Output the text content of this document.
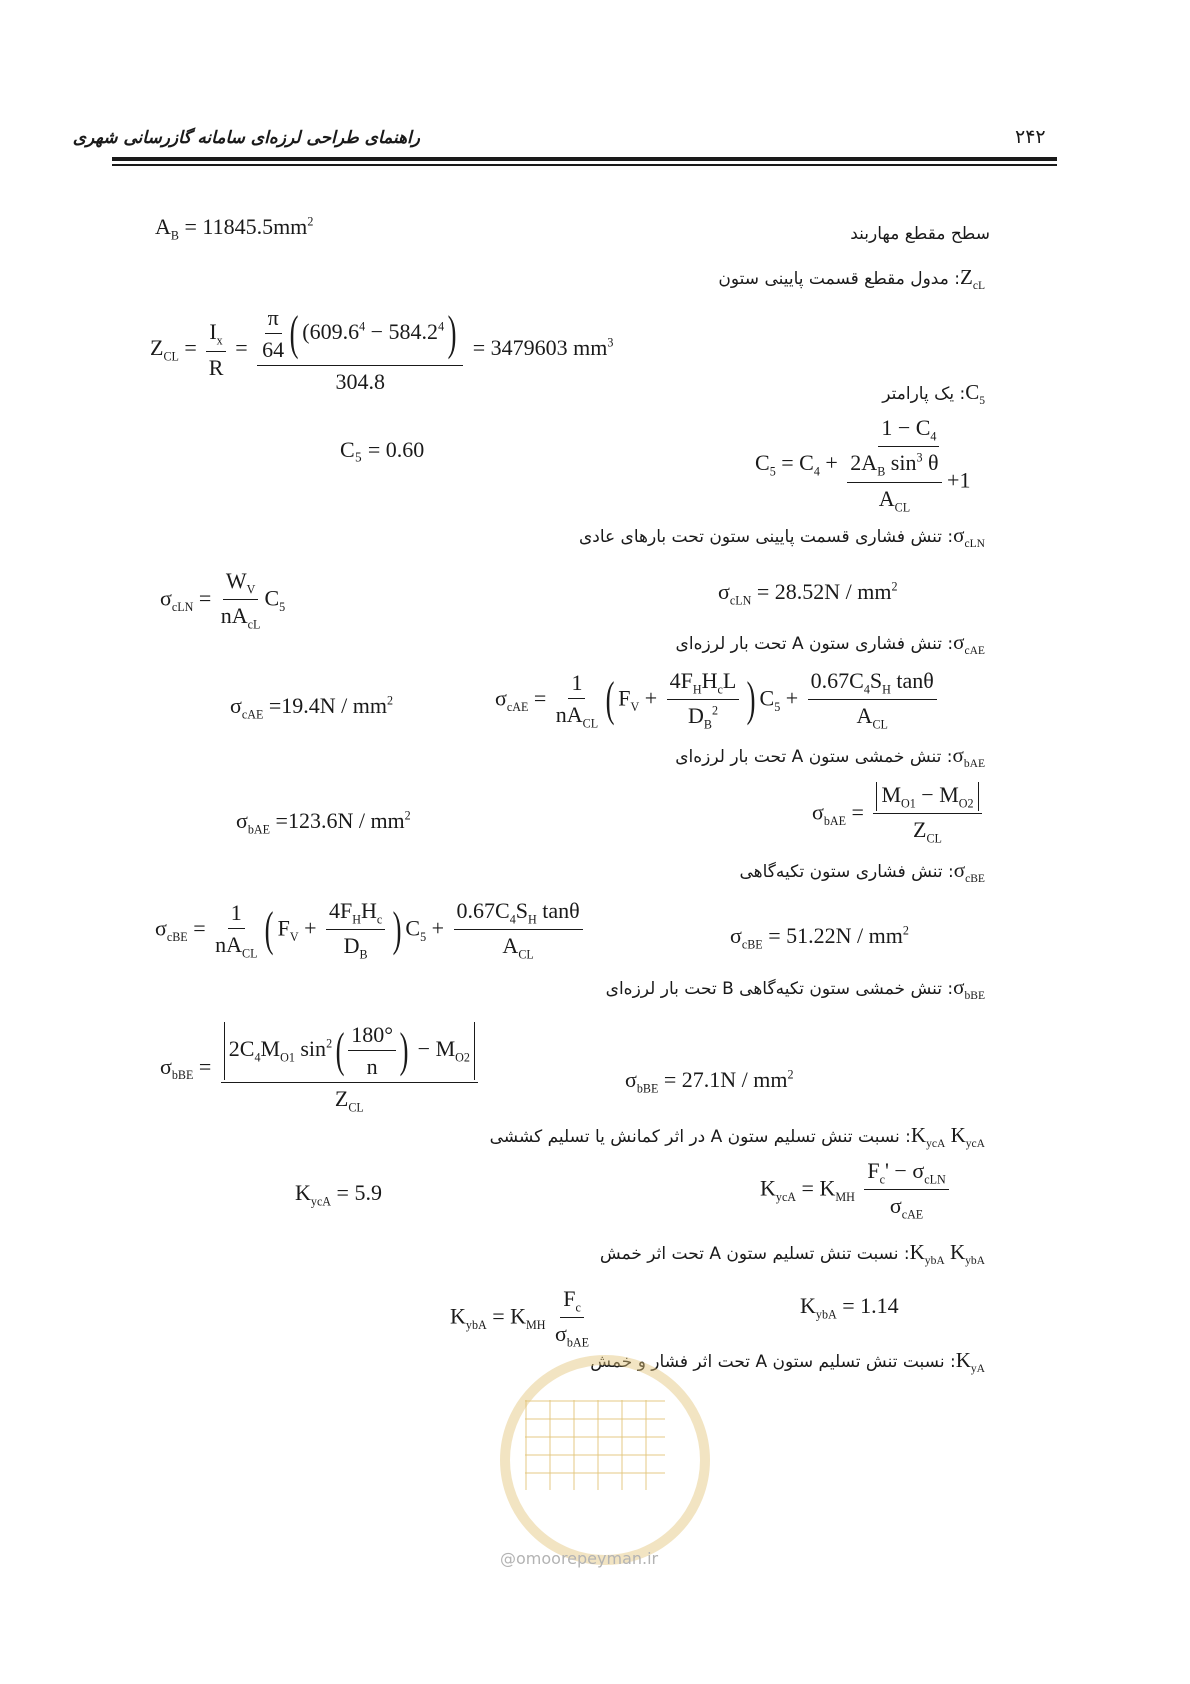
۲۴۲
راهنمای طراحی لرزه‌ای سامانه گازرسانی شهری
$A_B = 11845.5mm^2$
سطح مقطع مهاربند
$Z_{cL}$: مدول مقطع قسمت پایینی ستون
$Z_{CL} = \frac{I_x}{R} = \frac{\frac{\pi}{64} ( (609.6^4 - 584.2^4)}{304.8} = 3479603$ $mm^3$
$C_5$: یک پارامتر
C₅ = 0.60
$C_5 = C_4 + \frac{1 - C_4}{\frac{2A_B \sin^3 \theta}{A_{CL}} +1}$
$\sigma_{cLN}$: تنش فشاری قسمت پایینی ستون تحت بارهای عادی
$\sigma_{cLN} = \frac{W_V}{nA_{cL}} C_5$
$\sigma_{cLN} = 28.52N / mm^2$
$\sigma_{cAE}$: تنش فشاری ستون A تحت بار لرزه‌ای
$\sigma_{cAE} =19.4N / mm^2$	$\sigma_{cAE} = \frac{1}{nA_{CL}}$ ( $F_V + \frac{4F_HH_cL}{D_B^2}$ ) $C_5 + \frac{0.67C_4S_H \tan\theta}{A_{CL}}$
$\sigma_{bAE}$: تنش خمشی ستون A تحت بار لرزه‌ای
$\sigma_{bAE} =123.6N / mm^2$	$\sigma_{bAE} = \frac{M_{O1} - M_{O2}}{Z_{CL}}$
$\sigma_{cBE}$: تنش فشاری ستون تکیه‌گاهی
$\sigma_{cBE} = \frac{1}{nA_{CL}}$ ( $F_V + \frac{4F_HH_c}{D_B}$ ) $C_5 + \frac{0.67C_4S_H \tan\theta}{A_{CL}}$	$\sigma_{cBE} = 51.22N / mm^2$
$\sigma_{bBE}$: تنش خمشی ستون تکیه‌گاهی B تحت بار لرزه‌ای
$\sigma_{bBE} = \frac{2C_4M_{O1} \sin^2( \frac{180^\circ}{n} ) - M_{O2}}{Z_{CL}}$	$\sigma_{bBE} = 27.1N / mm^2$
$K_{ycA}$ $K_{ycA}$: نسبت تنش تسلیم ستون A در اثر کمانش یا تسلیم کششی
$K_{ycA} = 5.9$	$K_{ycA} = K_{MH} \frac{F_c' - \sigma_{cLN}}{\sigma_{cAE}}$
$K_{ybA}$ $K_{ybA}$: نسبت تنش تسلیم ستون A تحت اثر خمش
$K_{ybA} = K_{MH} \frac{F_c}{\sigma_{bAE}}$	$K_{ybA} = 1.14$
$K_{yA}$: نسبت تنش تسلیم ستون A تحت اثر فشار و خمش
@omoorepeyman.ir
